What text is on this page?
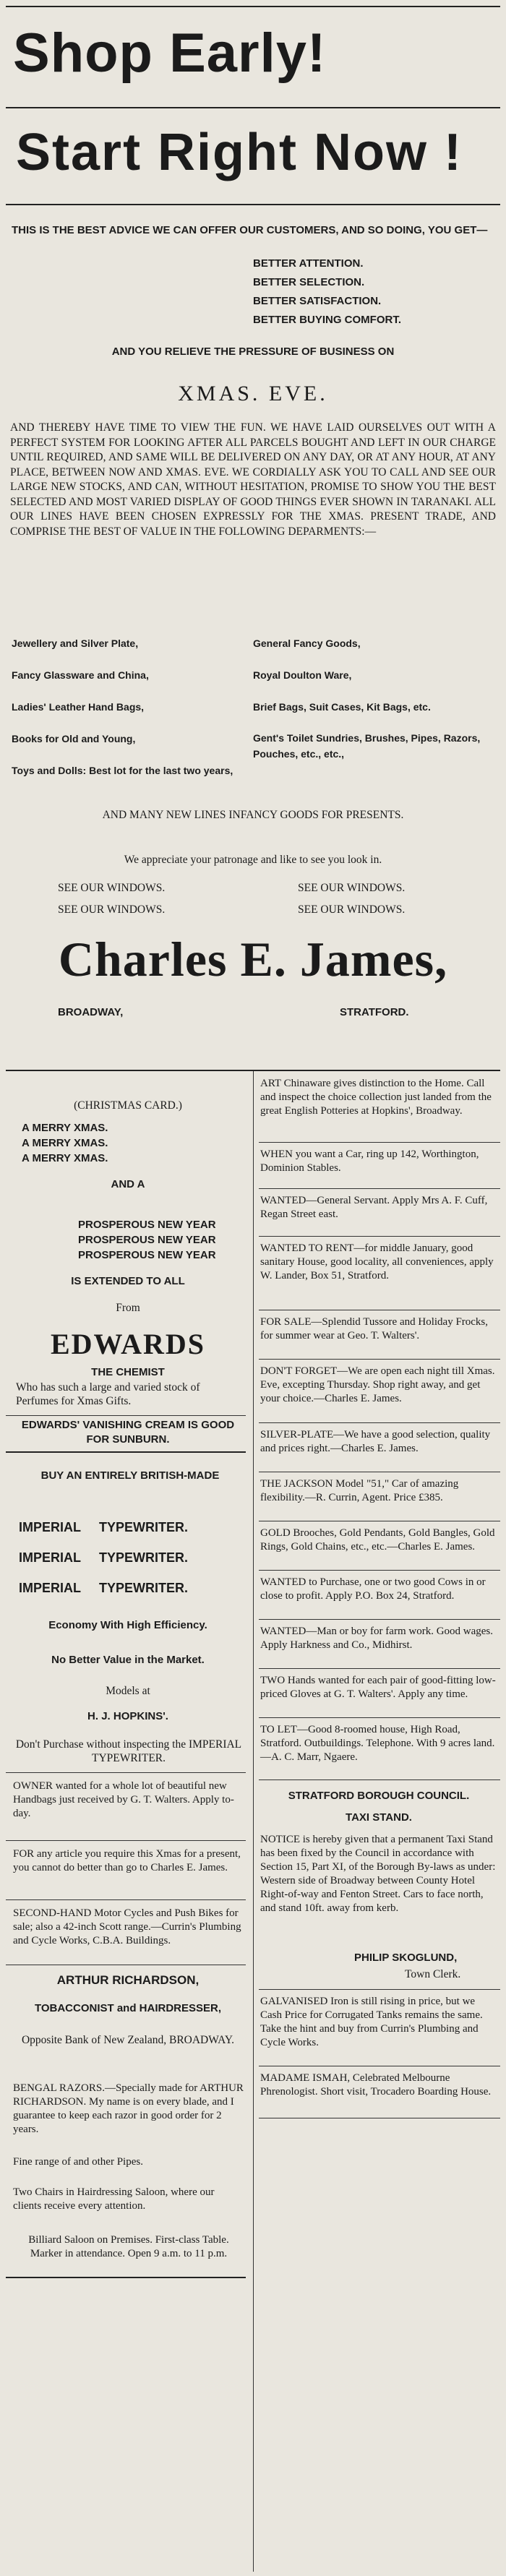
Shop Early!
Start Right Now !
THIS IS THE BEST ADVICE WE CAN OFFER OUR CUSTOMERS, AND SO DOING, YOU GET—
BETTER ATTENTION.
BETTER SELECTION.
BETTER SATISFACTION.
BETTER BUYING COMFORT.
AND YOU RELIEVE THE PRESSURE OF BUSINESS ON
XMAS. EVE.
AND THEREBY HAVE TIME TO VIEW THE FUN. WE HAVE LAID OURSELVES OUT WITH A PERFECT SYSTEM FOR LOOKING AFTER ALL PARCELS BOUGHT AND LEFT IN OUR CHARGE UNTIL REQUIRED, AND SAME WILL BE DELIVERED ON ANY DAY, OR AT ANY HOUR, AT ANY PLACE, BETWEEN NOW AND XMAS. EVE. WE CORDIALLY ASK YOU TO CALL AND SEE OUR LARGE NEW STOCKS, AND CAN, WITHOUT HESITATION, PROMISE TO SHOW YOU THE BEST SELECTED AND MOST VARIED DISPLAY OF GOOD THINGS EVER SHOWN IN TARANAKI. ALL OUR LINES HAVE BEEN CHOSEN EXPRESSLY FOR THE XMAS. PRESENT TRADE, AND COMPRISE THE BEST OF VALUE IN THE FOLLOWING DEPARMENTS:—
Jewellery and Silver Plate,
Fancy Glassware and China,
Ladies' Leather Hand Bags,
Books for Old and Young,
Toys and Dolls: Best lot for the last two years,
General Fancy Goods,
Royal Doulton Ware,
Brief Bags, Suit Cases, Kit Bags, etc.
Gent's Toilet Sundries, Brushes, Pipes, Razors, Pouches, etc., etc.,
AND MANY NEW LINES INFANCY GOODS FOR PRESENTS.
We appreciate your patronage and like to see you look in.
SEE OUR WINDOWS.
SEE OUR WINDOWS.
SEE OUR WINDOWS.
SEE OUR WINDOWS.
Charles E. James,
BROADWAY,	STRATFORD.
(CHRISTMAS CARD.)
A MERRY XMAS.
A MERRY XMAS.
A MERRY XMAS.
AND A
PROSPEROUS NEW YEAR
PROSPEROUS NEW YEAR
PROSPEROUS NEW YEAR
IS EXTENDED TO ALL
From
EDWARDS
THE CHEMIST
Who has such a large and varied stock of Perfumes for Xmas Gifts.
EDWARDS' VANISHING CREAM IS GOOD FOR SUNBURN.
BUY AN ENTIRELY BRITISH-MADE
IMPERIAL TYPEWRITER.
IMPERIAL TYPEWRITER.
IMPERIAL TYPEWRITER.
Economy With High Efficiency.
No Better Value in the Market.
Models at
H. J. HOPKINS'.
Don't Purchase without inspecting the IMPERIAL TYPEWRITER.
OWNER wanted for a whole lot of beautiful new Handbags just received by G. T. Walters. Apply to-day.
FOR any article you require this Xmas for a present, you cannot do better than go to Charles E. James.
SECOND-HAND Motor Cycles and Push Bikes for sale; also a 42-inch Scott range.—Currin's Plumbing and Cycle Works, C.B.A. Buildings.
ARTHUR RICHARDSON,
TOBACCONIST and HAIRDRESSER,
Opposite Bank of New Zealand, BROADWAY.
BENGAL RAZORS.—Specially made for ARTHUR RICHARDSON. My name is on every blade, and I guarantee to keep each razor in good order for 2 years.
Fine range of and other Pipes.
Two Chairs in Hairdressing Saloon, where our clients receive every attention.
Billiard Saloon on Premises. First-class Table. Marker in attendance. Open 9 a.m. to 11 p.m.
ART Chinaware gives distinction to the Home. Call and inspect the choice collection just landed from the great English Potteries at Hopkins', Broadway.
WHEN you want a Car, ring up 142, Worthington, Dominion Stables.
WANTED—General Servant. Apply Mrs A. F. Cuff, Regan Street east.
WANTED TO RENT—for middle January, good sanitary House, good locality, all conveniences, apply W. Lander, Box 51, Stratford.
FOR SALE—Splendid Tussore and Holiday Frocks, for summer wear at Geo. T. Walters'.
DON'T FORGET—We are open each night till Xmas. Eve, excepting Thursday. Shop right away, and get your choice.—Charles E. James.
SILVER-PLATE—We have a good selection, quality and prices right.—Charles E. James.
THE JACKSON Model "51," Car of amazing flexibility.—R. Currin, Agent. Price £385.
GOLD Brooches, Gold Pendants, Gold Bangles, Gold Rings, Gold Chains, etc., etc.—Charles E. James.
WANTED to Purchase, one or two good Cows in or close to profit. Apply P.O. Box 24, Stratford.
WANTED—Man or boy for farm work. Good wages. Apply Harkness and Co., Midhirst.
TWO Hands wanted for each pair of good-fitting low-priced Gloves at G. T. Walters'. Apply any time.
TO LET—Good 8-roomed house, High Road, Stratford. Outbuildings. Telephone. With 9 acres land.—A. C. Marr, Ngaere.
STRATFORD BOROUGH COUNCIL.
TAXI STAND.
NOTICE is hereby given that a permanent Taxi Stand has been fixed by the Council in accordance with Section 15, Part XI, of the Borough By-laws as under: Western side of Broadway between County Hotel Right-of-way and Fenton Street. Cars to face north, and stand 10ft. away from kerb.
PHILIP SKOGLUND,
Town Clerk.
GALVANISED Iron is still rising in price, but we Cash Price for Corrugated Tanks remains the same. Take the hint and buy from Currin's Plumbing and Cycle Works.
MADAME ISMAH, Celebrated Melbourne Phrenologist. Short visit, Trocadero Boarding House.
